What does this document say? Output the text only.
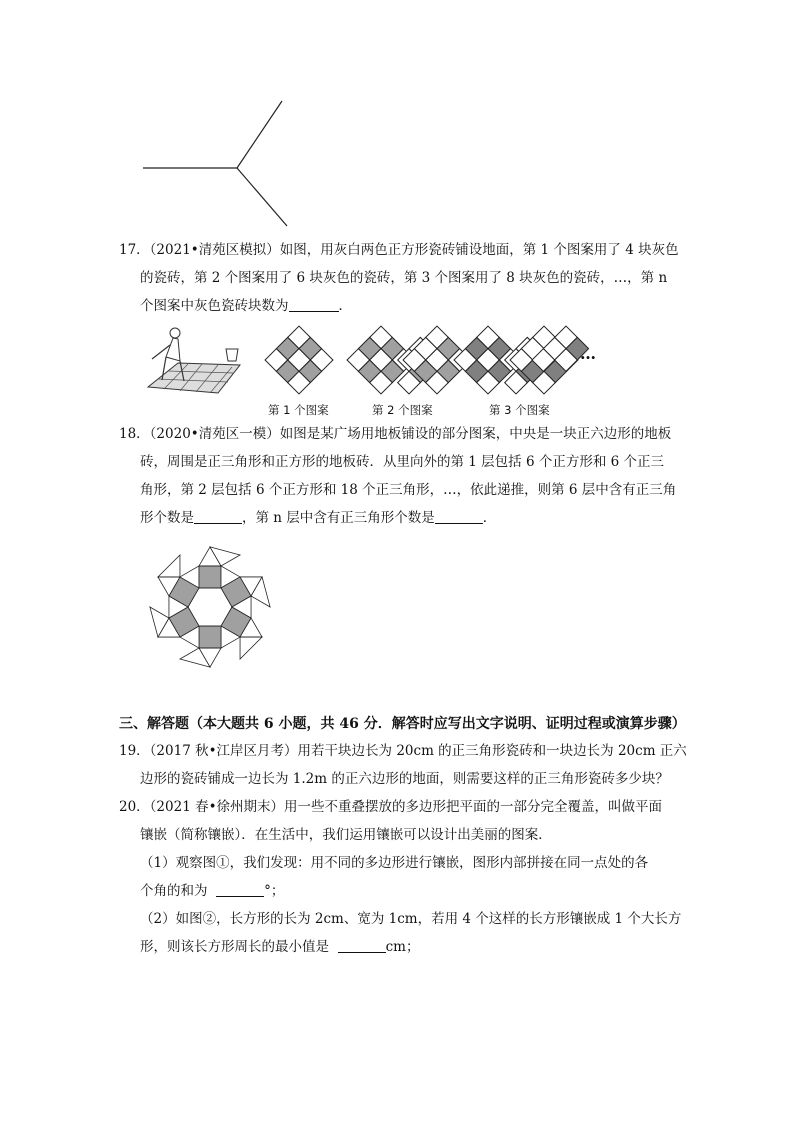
17．（2021•清苑区模拟）如图，用灰白两色正方形瓷砖铺设地面，第 1 个图案用了 4 块灰色
的瓷砖，第 2 个图案用了 6 块灰色的瓷砖，第 3 个图案用了 8 块灰色的瓷砖，…，第 n
个图案中灰色瓷砖块数为	．
…
第 1 个图案	第 2 个图案	第 3 个图案
18．（2020•清苑区一模）如图是某广场用地板铺设的部分图案，中央是一块正六边形的地板
砖，周围是正三角形和正方形的地板砖．从里向外的第 1 层包括 6 个正方形和 6 个正三
角形，第 2 层包括 6 个正方形和 18 个正三角形，…，依此递推，则第 6 层中含有正三角
形个数是	，第 n 层中含有正三角形个数是	．
三、解答题（本大题共 6 小题，共 46 分．解答时应写出文字说明、证明过程或演算步骤）
19．（2017 秋•江岸区月考）用若干块边长为 20cm 的正三角形瓷砖和一块边长为 20cm 正六
边形的瓷砖铺成一边长为 1.2m 的正六边形的地面，则需要这样的正三角形瓷砖多少块？
20．（2021 春•徐州期末）用一些不重叠摆放的多边形把平面的一部分完全覆盖，叫做平面
镶嵌（简称镶嵌）．在生活中，我们运用镶嵌可以设计出美丽的图案．
（1）观察图①，我们发现：用不同的多边形进行镶嵌，图形内部拼接在同一点处的各
个角的和为	°；
（2）如图②，长方形的长为 2cm、宽为 1cm，若用 4 个这样的长方形镶嵌成 1 个大长方
形，则该长方形周长的最小值是	cm；
